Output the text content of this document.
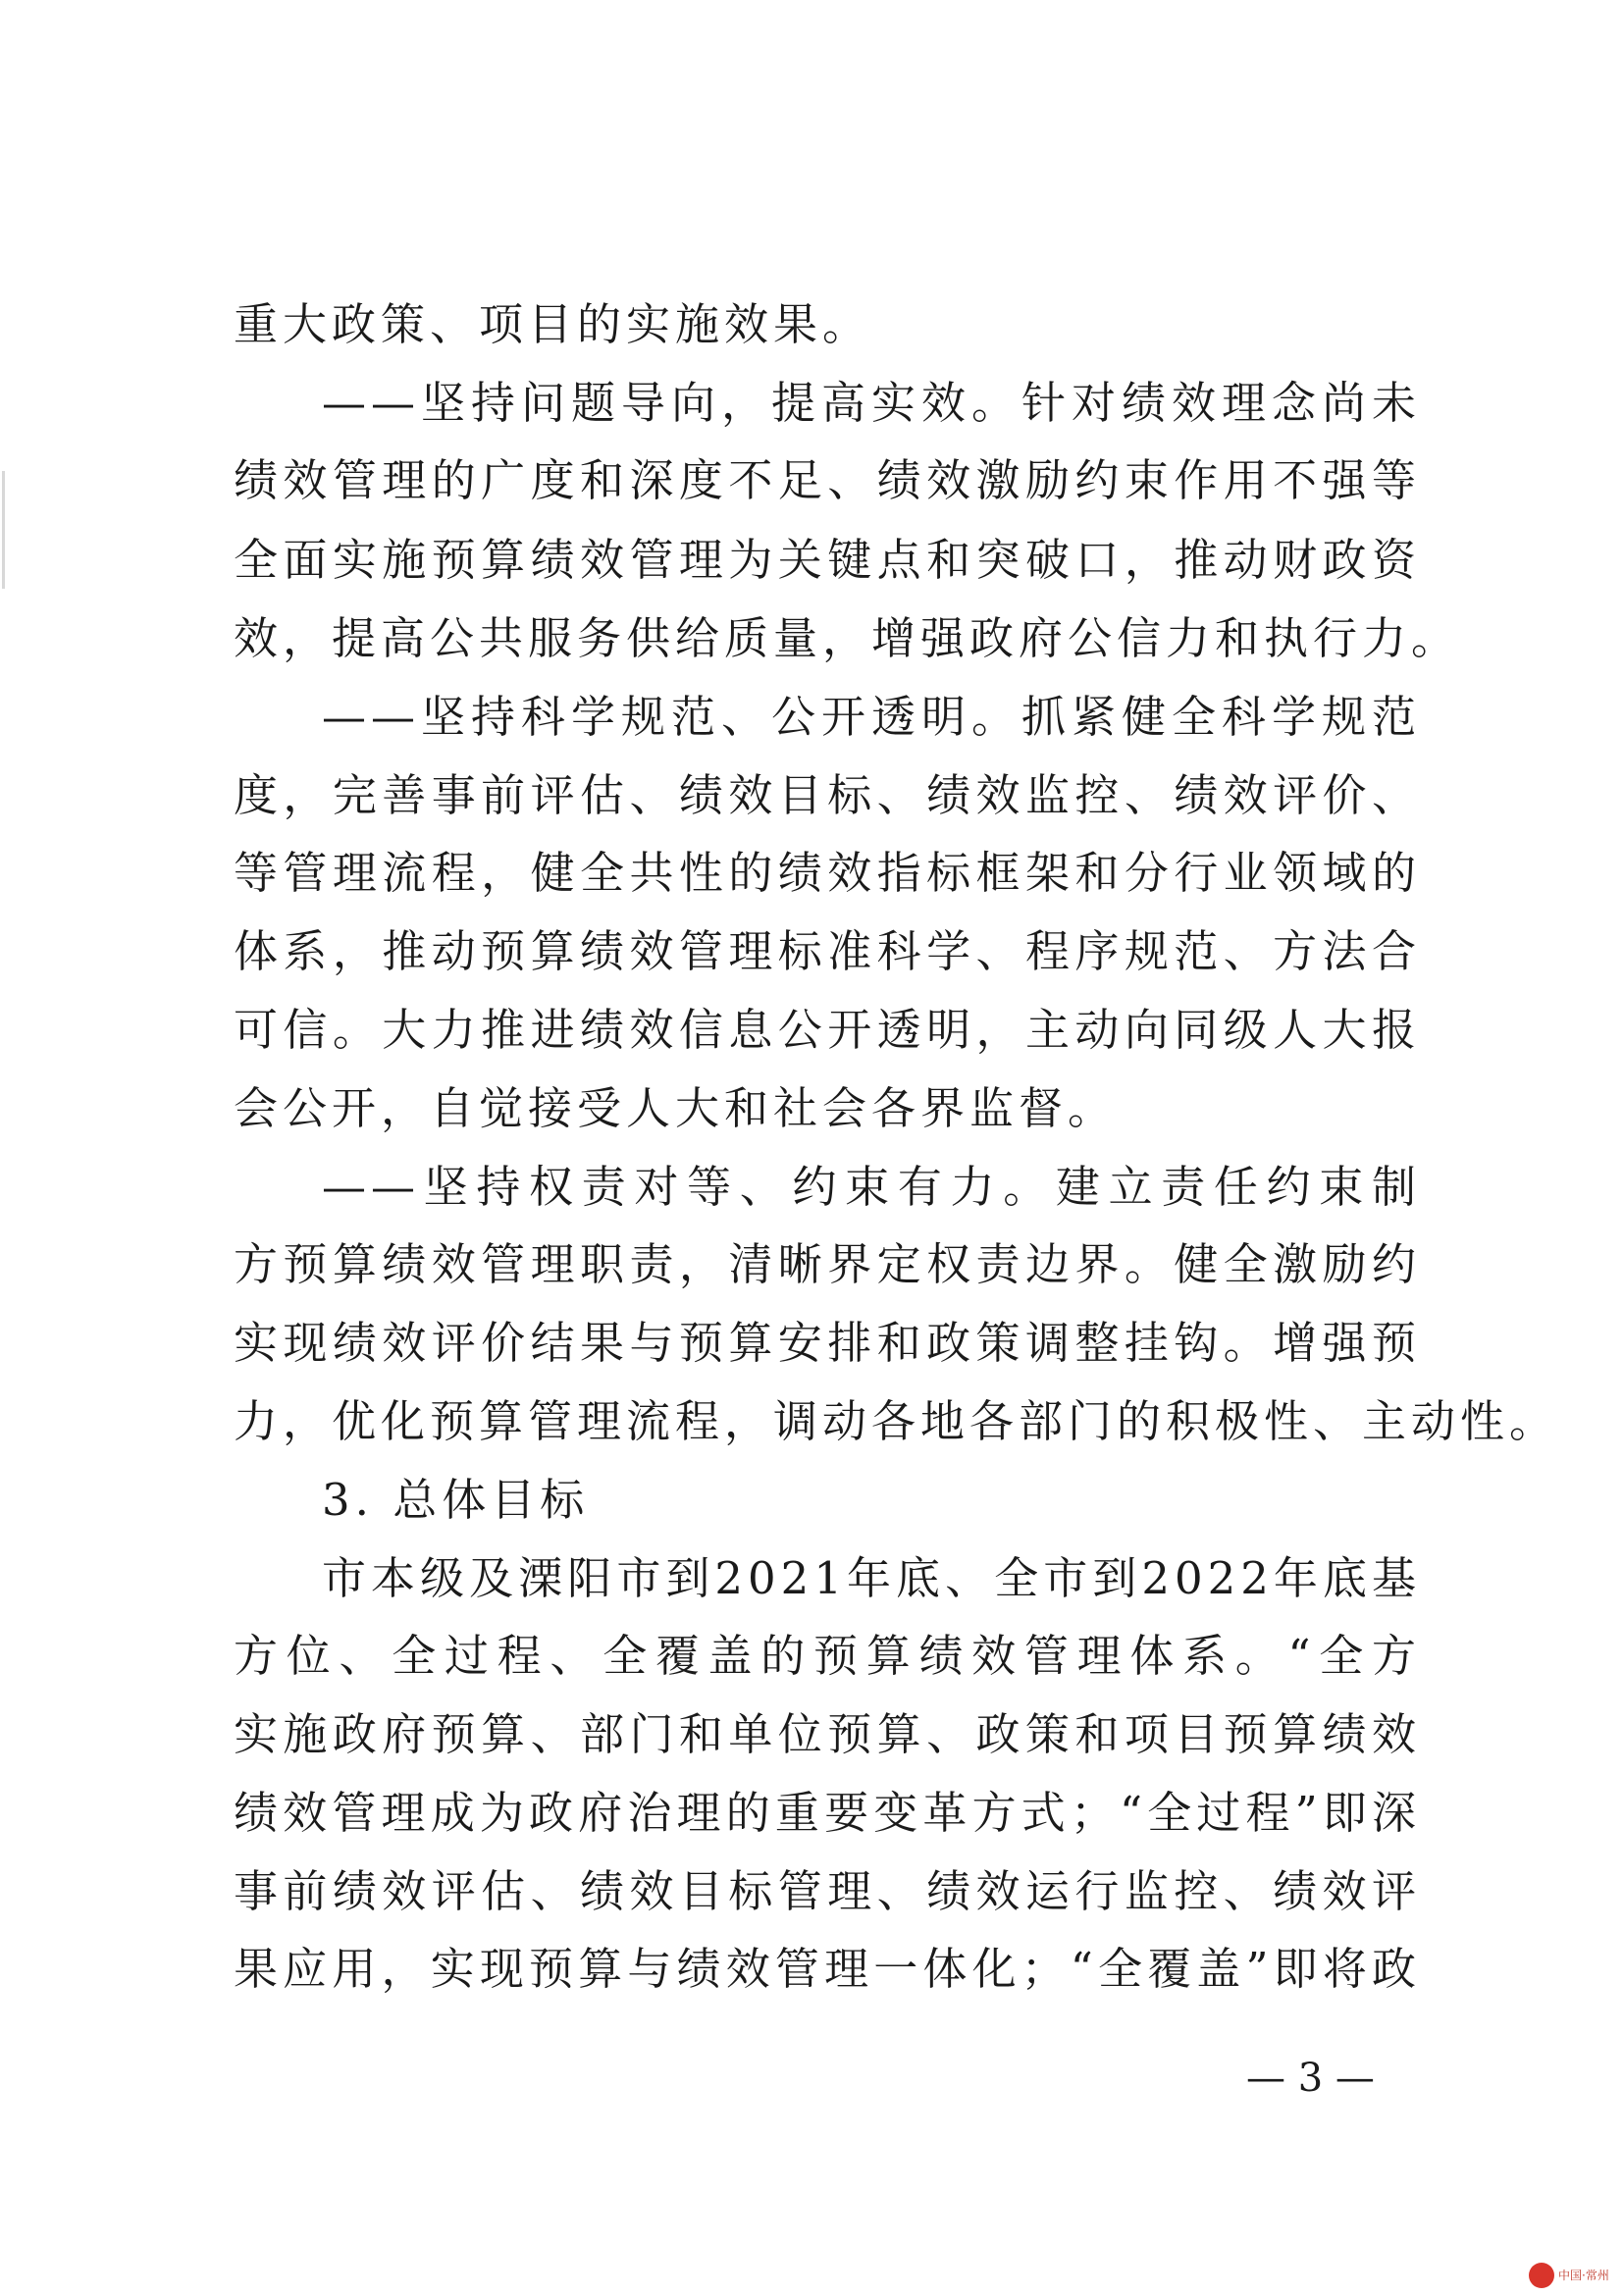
重大政策、项目的实施效果。
——坚持问题导向，提高实效。针对绩效理念尚未
绩效管理的广度和深度不足、绩效激励约束作用不强等
全面实施预算绩效管理为关键点和突破口，推动财政资
效，提高公共服务供给质量，增强政府公信力和执行力。
——坚持科学规范、公开透明。抓紧健全科学规范
度，完善事前评估、绩效目标、绩效监控、绩效评价、
等管理流程，健全共性的绩效指标框架和分行业领域的
体系，推动预算绩效管理标准科学、程序规范、方法合
可信。大力推进绩效信息公开透明，主动向同级人大报
会公开，自觉接受人大和社会各界监督。
——坚持权责对等、约束有力。建立责任约束制
方预算绩效管理职责，清晰界定权责边界。健全激励约
实现绩效评价结果与预算安排和政策调整挂钩。增强预
力，优化预算管理流程，调动各地各部门的积极性、主动性。
3. 总体目标
市本级及溧阳市到2021年底、全市到2022年底基
方位、全过程、全覆盖的预算绩效管理体系。“全方
实施政府预算、部门和单位预算、政策和项目预算绩效
绩效管理成为政府治理的重要变革方式；“全过程”即深
事前绩效评估、绩效目标管理、绩效运行监控、绩效评
果应用，实现预算与绩效管理一体化；“全覆盖”即将政
— 3 —
中国·常州
